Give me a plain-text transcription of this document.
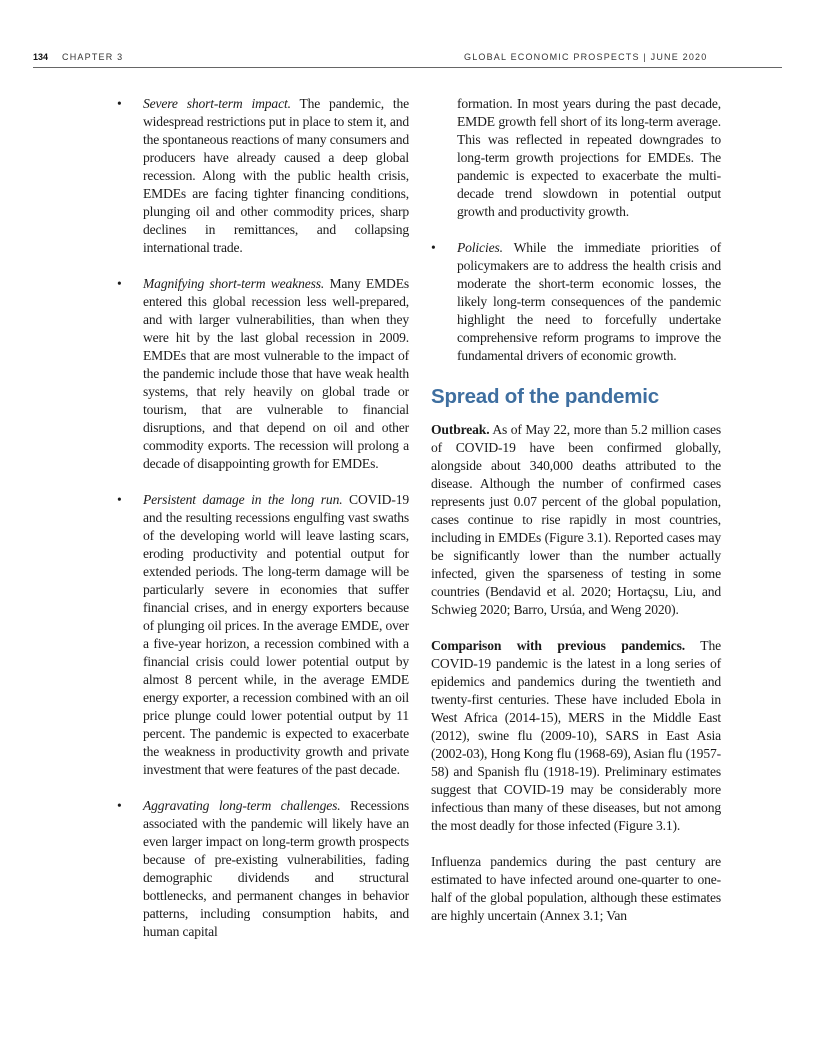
134 CHAPTER 3	GLOBAL ECONOMIC PROSPECTS | JUNE 2020
• Severe short-term impact. The pandemic, the widespread restrictions put in place to stem it, and the spontaneous reactions of many consumers and producers have already caused a deep global recession. Along with the public health crisis, EMDEs are facing tighter financing conditions, plunging oil and other commodity prices, sharp declines in remittances, and collapsing international trade.
• Magnifying short-term weakness. Many EMDEs entered this global recession less well-prepared, and with larger vulnerabilities, than when they were hit by the last global recession in 2009. EMDEs that are most vulnerable to the impact of the pandemic include those that have weak health systems, that rely heavily on global trade or tourism, that are vulnerable to financial disruptions, and that depend on oil and other commodity exports. The recession will prolong a decade of disappointing growth for EMDEs.
• Persistent damage in the long run. COVID-19 and the resulting recessions engulfing vast swaths of the developing world will leave lasting scars, eroding productivity and potential output for extended periods. The long-term damage will be particularly severe in economies that suffer financial crises, and in energy exporters because of plunging oil prices. In the average EMDE, over a five-year horizon, a recession combined with a financial crisis could lower potential output by almost 8 percent while, in the average EMDE energy exporter, a recession combined with an oil price plunge could lower potential output by 11 percent. The pandemic is expected to exacerbate the weakness in productivity growth and private investment that were features of the past decade.
• Aggravating long-term challenges. Recessions associated with the pandemic will likely have an even larger impact on long-term growth prospects because of pre-existing vulnerabilities, fading demographic dividends and structural bottlenecks, and permanent changes in behavior patterns, including consumption habits, and human capital
formation. In most years during the past decade, EMDE growth fell short of its long-term average. This was reflected in repeated downgrades to long-term growth projections for EMDEs. The pandemic is expected to exacerbate the multi-decade trend slowdown in potential output growth and productivity growth.
• Policies. While the immediate priorities of policymakers are to address the health crisis and moderate the short-term economic losses, the likely long-term consequences of the pandemic highlight the need to forcefully undertake comprehensive reform programs to improve the fundamental drivers of economic growth.
Spread of the pandemic

Outbreak. As of May 22, more than 5.2 million cases of COVID-19 have been confirmed globally, alongside about 340,000 deaths attributed to the disease. Although the number of confirmed cases represents just 0.07 percent of the global population, cases continue to rise rapidly in most countries, including in EMDEs (Figure 3.1). Reported cases may be significantly lower than the number actually infected, given the sparseness of testing in some countries (Bendavid et al. 2020; Hortaçsu, Liu, and Schwieg 2020; Barro, Ursúa, and Weng 2020).

Comparison with previous pandemics. The COVID-19 pandemic is the latest in a long series of epidemics and pandemics during the twentieth and twenty-first centuries. These have included Ebola in West Africa (2014-15), MERS in the Middle East (2012), swine flu (2009-10), SARS in East Asia (2002-03), Hong Kong flu (1968-69), Asian flu (1957-58) and Spanish flu (1918-19). Preliminary estimates suggest that COVID-19 may be considerably more infectious than many of these diseases, but not among the most deadly for those infected (Figure 3.1).

Influenza pandemics during the past century are estimated to have infected around one-quarter to one-half of the global population, although these estimates are highly uncertain (Annex 3.1; Van
